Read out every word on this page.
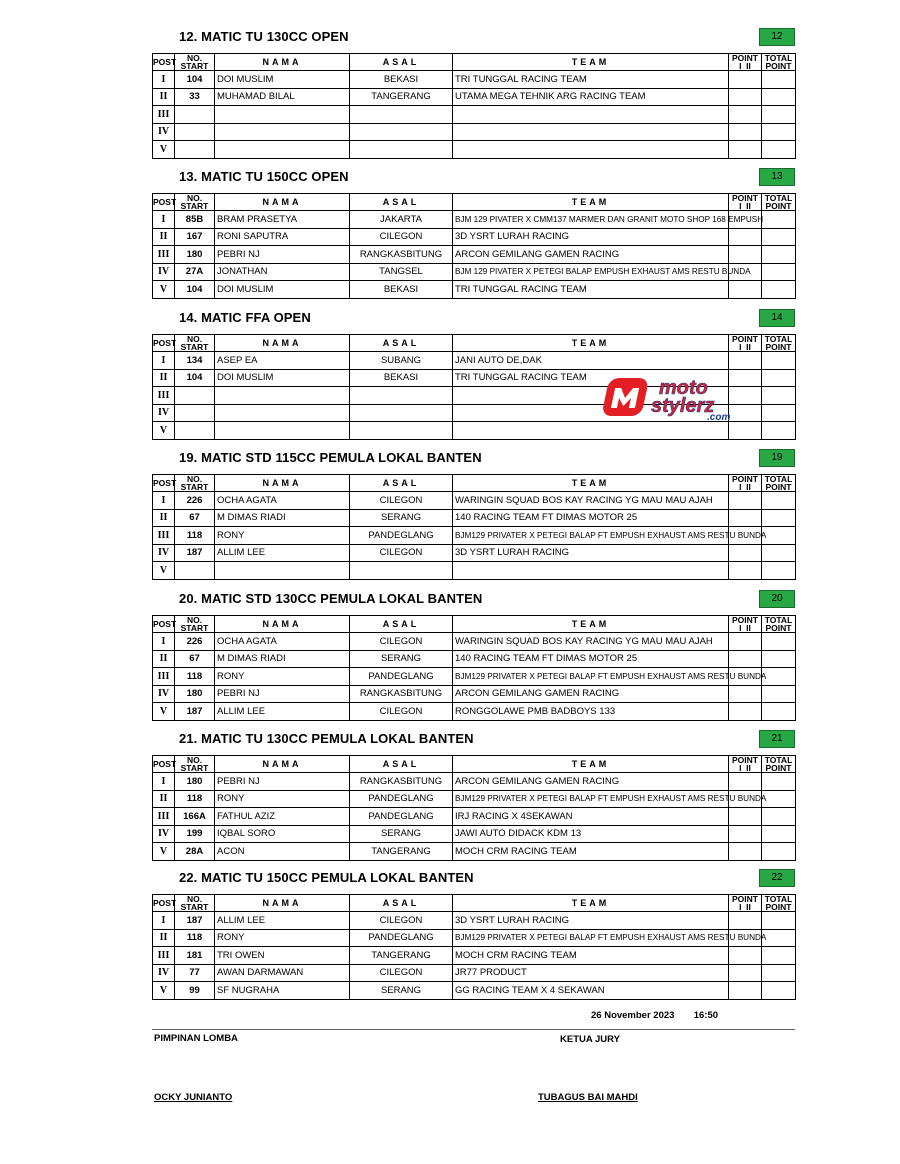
12. MATIC TU 130CC OPEN	12
POST	NO.
START	NAMA	ASAL	TEAM	POINT
I  II	TOTAL
POINT

I	104	DOI MUSLIM	BEKASI	TRI TUNGGAL RACING TEAM		
II	33	MUHAMAD BILAL	TANGERANG	UTAMA MEGA TEHNIK ARG RACING TEAM		
III						
IV						
V						
13. MATIC TU 150CC OPEN	13
POST	NO.
START	NAMA	ASAL	TEAM	POINT
I  II	TOTAL
POINT

I	85B	BRAM PRASETYA	JAKARTA	BJM 129 PIVATER X CMM137 MARMER DAN GRANIT MOTO SHOP 168 EMPUSH		
II	167	RONI SAPUTRA	CILEGON	3D YSRT LURAH RACING		
III	180	PEBRI NJ	RANGKASBITUNG	ARCON GEMILANG GAMEN RACING		
IV	27A	JONATHAN	TANGSEL	BJM 129 PIVATER X PETEGI BALAP EMPUSH EXHAUST AMS RESTU BUNDA		
V	104	DOI MUSLIM	BEKASI	TRI TUNGGAL RACING TEAM		
14. MATIC FFA OPEN	14
POST	NO.
START	NAMA	ASAL	TEAM	POINT
I  II	TOTAL
POINT

I	134	ASEP EA	SUBANG	JANI AUTO DE,DAK		
II	104	DOI MUSLIM	BEKASI	TRI TUNGGAL RACING TEAM		
III						
IV						
V						
19. MATIC STD 115CC PEMULA LOKAL BANTEN	19
POST	NO.
START	NAMA	ASAL	TEAM	POINT
I  II	TOTAL
POINT

I	226	OCHA AGATA	CILEGON	WARINGIN SQUAD BOS KAY RACING YG MAU MAU AJAH		
II	67	M DIMAS RIADI	SERANG	140 RACING TEAM FT DIMAS MOTOR 25		
III	118	RONY	PANDEGLANG	BJM129 PRIVATER X PETEGI BALAP FT EMPUSH EXHAUST AMS RESTU BUNDA		
IV	187	ALLIM LEE	CILEGON	3D YSRT LURAH RACING		
V						
20. MATIC STD 130CC PEMULA LOKAL BANTEN	20
POST	NO.
START	NAMA	ASAL	TEAM	POINT
I  II	TOTAL
POINT

I	226	OCHA AGATA	CILEGON	WARINGIN SQUAD BOS KAY RACING YG MAU MAU AJAH		
II	67	M DIMAS RIADI	SERANG	140 RACING TEAM FT DIMAS MOTOR 25		
III	118	RONY	PANDEGLANG	BJM129 PRIVATER X PETEGI BALAP FT EMPUSH EXHAUST AMS RESTU BUNDA		
IV	180	PEBRI NJ	RANGKASBITUNG	ARCON GEMILANG GAMEN RACING		
V	187	ALLIM LEE	CILEGON	RONGGOLAWE PMB BADBOYS 133		
21. MATIC TU 130CC PEMULA LOKAL BANTEN	21
POST	NO.
START	NAMA	ASAL	TEAM	POINT
I  II	TOTAL
POINT

I	180	PEBRI NJ	RANGKASBITUNG	ARCON GEMILANG GAMEN RACING		
II	118	RONY	PANDEGLANG	BJM129 PRIVATER X PETEGI BALAP FT EMPUSH EXHAUST AMS RESTU BUNDA		
III	166A	FATHUL AZIZ	PANDEGLANG	IRJ RACING X 4SEKAWAN		
IV	199	IQBAL SORO	SERANG	JAWI AUTO DIDACK KDM 13		
V	28A	ACON	TANGERANG	MOCH CRM RACING TEAM		
22. MATIC TU 150CC PEMULA LOKAL BANTEN	22
POST	NO.
START	NAMA	ASAL	TEAM	POINT
I  II	TOTAL
POINT

I	187	ALLIM LEE	CILEGON	3D YSRT LURAH RACING		
II	118	RONY	PANDEGLANG	BJM129 PRIVATER X PETEGI BALAP FT EMPUSH EXHAUST AMS RESTU BUNDA		
III	181	TRI OWEN	TANGERANG	MOCH CRM RACING TEAM		
IV	77	AWAN DARMAWAN	CILEGON	JR77 PRODUCT		
V	99	SF NUGRAHA	SERANG	GG RACING TEAM X 4 SEKAWAN		
moto
stylerz
.com
26 November 2023 16:50
PIMPINAN LOMBA	KETUA JURY
OCKY JUNIANTO	TUBAGUS BAI MAHDI
